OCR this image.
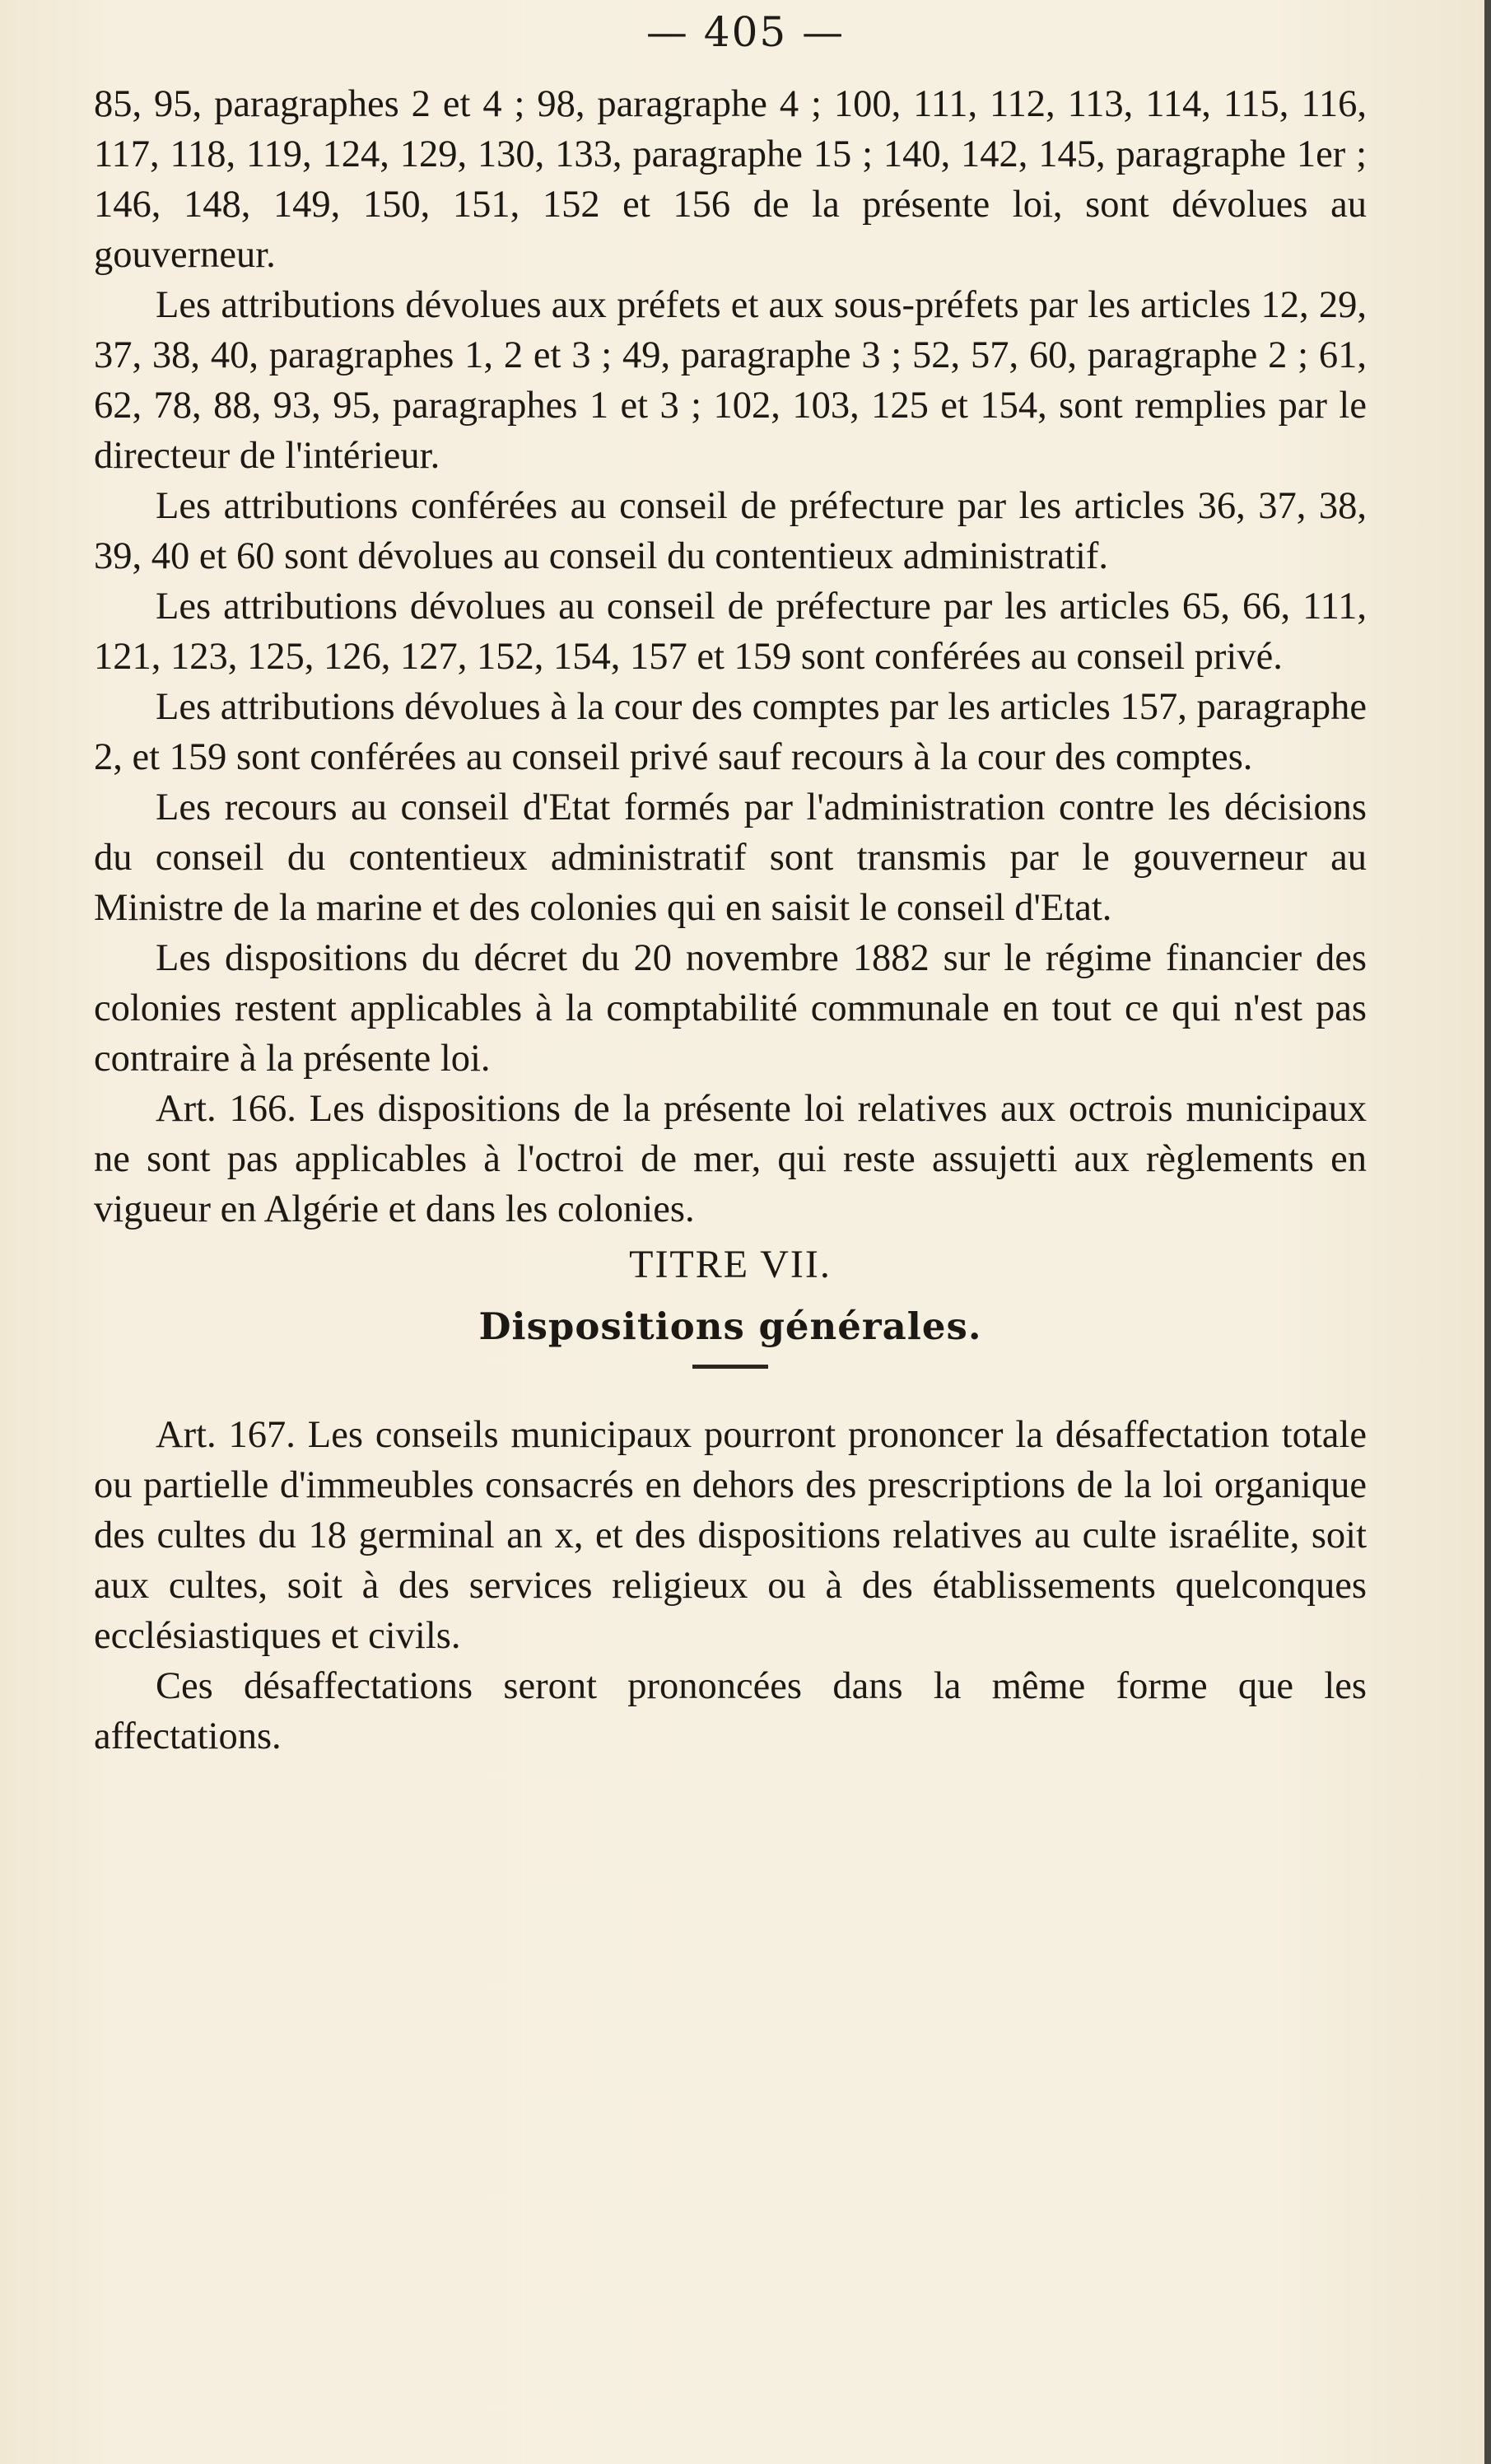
— 405 —

85, 95, paragraphes 2 et 4 ; 98, paragraphe 4 ; 100, 111, 112, 113, 114, 115, 116, 117, 118, 119, 124, 129, 130, 133, paragraphe 15 ; 140, 142, 145, paragraphe 1er ; 146, 148, 149, 150, 151, 152 et 156 de la présente loi, sont dévolues au gouverneur.

Les attributions dévolues aux préfets et aux sous-préfets par les articles 12, 29, 37, 38, 40, paragraphes 1, 2 et 3 ; 49, paragraphe 3 ; 52, 57, 60, paragraphe 2 ; 61, 62, 78, 88, 93, 95, paragraphes 1 et 3 ; 102, 103, 125 et 154, sont remplies par le directeur de l'intérieur.

Les attributions conférées au conseil de préfecture par les articles 36, 37, 38, 39, 40 et 60 sont dévolues au conseil du contentieux administratif.

Les attributions dévolues au conseil de préfecture par les articles 65, 66, 111, 121, 123, 125, 126, 127, 152, 154, 157 et 159 sont conférées au conseil privé.

Les attributions dévolues à la cour des comptes par les articles 157, paragraphe 2, et 159 sont conférées au conseil privé sauf recours à la cour des comptes.

Les recours au conseil d'Etat formés par l'administration contre les décisions du conseil du contentieux administratif sont transmis par le gouverneur au Ministre de la marine et des colonies qui en saisit le conseil d'Etat.

Les dispositions du décret du 20 novembre 1882 sur le régime financier des colonies restent applicables à la comptabilité communale en tout ce qui n'est pas contraire à la présente loi.

Art. 166. Les dispositions de la présente loi relatives aux octrois municipaux ne sont pas applicables à l'octroi de mer, qui reste assujetti aux règlements en vigueur en Algérie et dans les colonies.

TITRE VII.

Dispositions générales.

Art. 167. Les conseils municipaux pourront prononcer la désaffectation totale ou partielle d'immeubles consacrés en dehors des prescriptions de la loi organique des cultes du 18 germinal an x, et des dispositions relatives au culte israélite, soit aux cultes, soit à des services religieux ou à des établissements quelconques ecclésiastiques et civils.

Ces désaffectations seront prononcées dans la même forme que les affectations.
